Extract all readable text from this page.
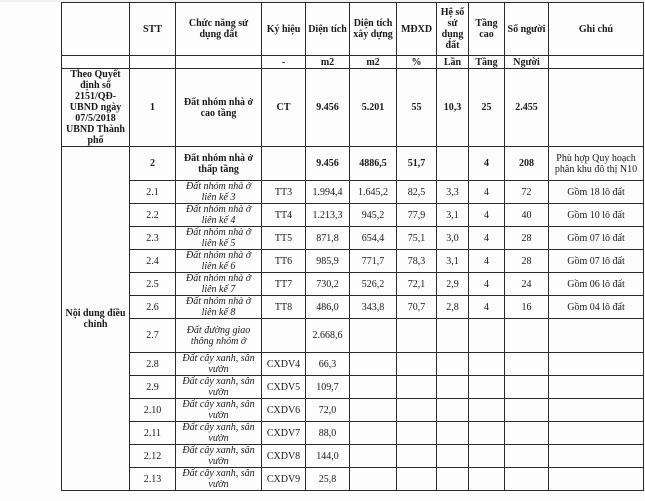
	STT	Chức năng sử dụng đất	Ký hiệu	Diện tích	Diện tích xây dựng	MĐXD	Hệ số sử dụng đất	Tầng cao	Số người	Ghi chú
			-	m2	m2	%	Lần	Tầng	Người	
Theo Quyết định số 2151/QĐ-UBND ngày 07/5/2018 UBND Thành phố	1	Đất nhóm nhà ở cao tầng	CT	9.456	5.201	55	10,3	25	2.455	
Nội dung điều chỉnh	2	Đất nhóm nhà ở thấp tầng		9.456	4886,5	51,7		4	208	Phù hợp Quy hoạch phân khu đô thị N10
	2.1	Đất nhóm nhà ở liên kế 3	TT3	1.994,4	1.645,2	82,5	3,3	4	72	Gồm 18 lô đất
	2.2	Đất nhóm nhà ở liên kế 4	TT4	1.213,3	945,2	77,9	3,1	4	40	Gồm 10 lô đất
	2.3	Đất nhóm nhà ở liên kế 5	TT5	871,8	654,4	75,1	3,0	4	28	Gồm 07 lô đất
	2.4	Đất nhóm nhà ở liên kế 6	TT6	985,9	771,7	78,3	3,1	4	28	Gồm 07 lô đất
	2.5	Đất nhóm nhà ở liên kế 7	TT7	730,2	526,2	72,1	2,9	4	24	Gồm 06 lô đất
	2.6	Đất nhóm nhà ở liên kế 8	TT8	486,0	343,8	70,7	2,8	4	16	Gồm 04 lô đất
	2.7	Đất đường giao thông nhóm ở		2.668,6						
	2.8	Đất cây xanh, sân vườn	CXDV4	66,3						
	2.9	Đất cây xanh, sân vườn	CXDV5	109,7						
	2.10	Đất cây xanh, sân vườn	CXDV6	72,0						
	2.11	Đất cây xanh, sân vườn	CXDV7	88,0						
	2.12	Đất cây xanh, sân vườn	CXDV8	144,0						
	2.13	Đất cây xanh, sân vườn	CXDV9	25,8						
